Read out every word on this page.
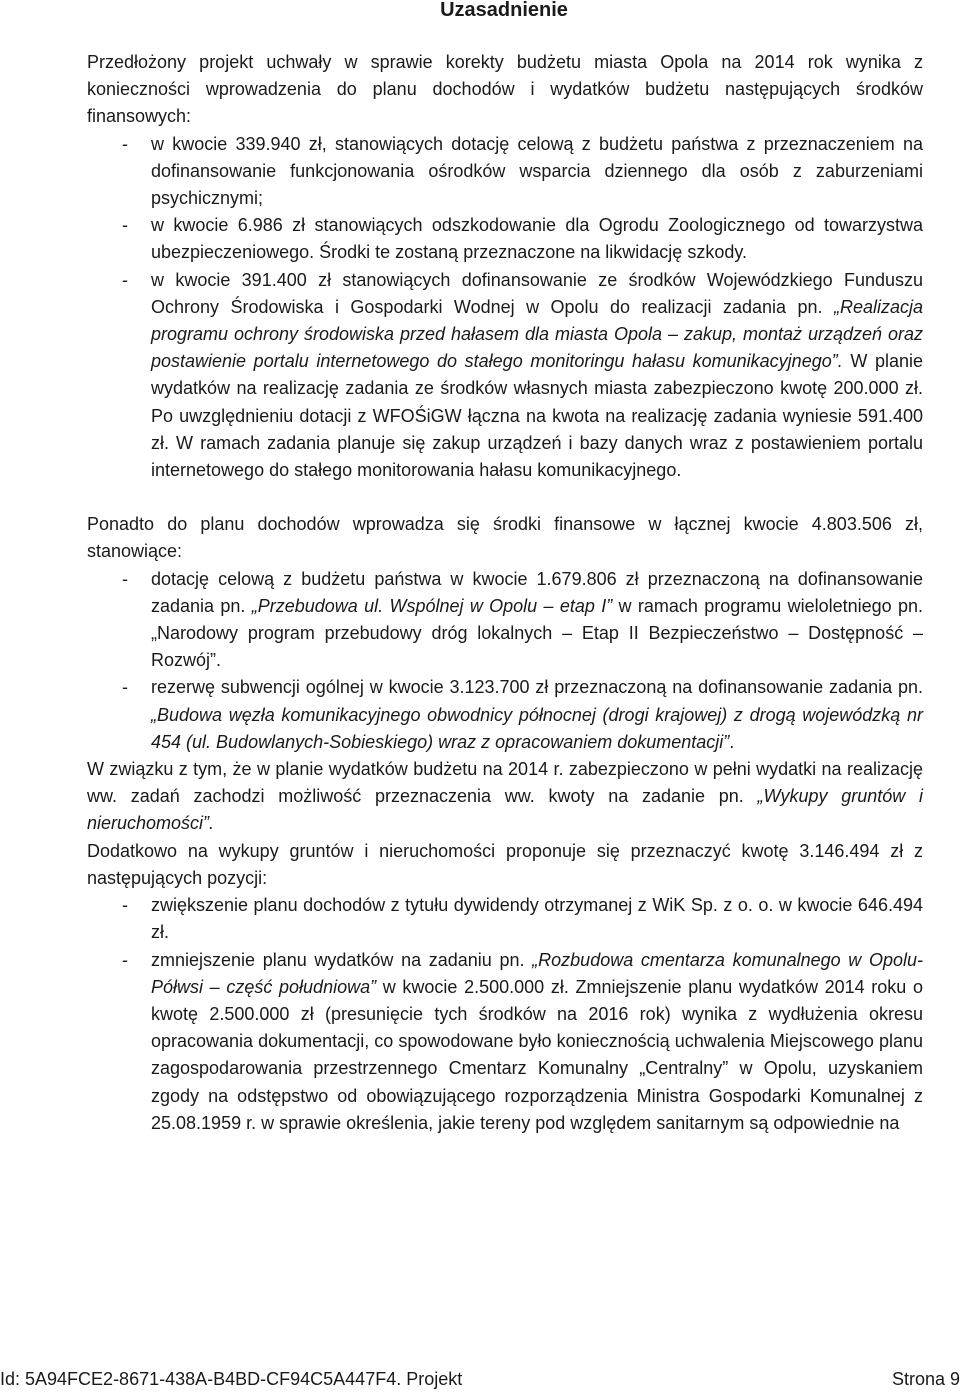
Uzasadnienie

Przedłożony projekt uchwały w sprawie korekty budżetu miasta Opola na 2014 rok wynika z konieczności wprowadzenia do planu dochodów i wydatków budżetu następujących środków finansowych:

- w kwocie 339.940 zł, stanowiących dotację celową z budżetu państwa z przeznaczeniem na dofinansowanie funkcjonowania ośrodków wsparcia dziennego dla osób z zaburzeniami psychicznymi;
- w kwocie 6.986 zł stanowiących odszkodowanie dla Ogrodu Zoologicznego od towarzystwa ubezpieczeniowego. Środki te zostaną przeznaczone na likwidację szkody.
- w kwocie 391.400 zł stanowiących dofinansowanie ze środków Wojewódzkiego Funduszu Ochrony Środowiska i Gospodarki Wodnej w Opolu do realizacji zadania pn. „Realizacja programu ochrony środowiska przed hałasem dla miasta Opola – zakup, montaż urządzeń oraz postawienie portalu internetowego do stałego monitoringu hałasu komunikacyjnego”. W planie wydatków na realizację zadania ze środków własnych miasta zabezpieczono kwotę 200.000 zł. Po uwzględnieniu dotacji z WFOŚiGW łączna na kwota na realizację zadania wyniesie 591.400 zł. W ramach zadania planuje się zakup urządzeń i bazy danych wraz z postawieniem portalu internetowego do stałego monitorowania hałasu komunikacyjnego.

Ponadto do planu dochodów wprowadza się środki finansowe w łącznej kwocie 4.803.506 zł, stanowiące:

- dotację celową z budżetu państwa w kwocie 1.679.806 zł przeznaczoną na dofinansowanie zadania pn. „Przebudowa ul. Wspólnej w Opolu – etap I” w ramach programu wieloletniego pn. „Narodowy program przebudowy dróg lokalnych – Etap II Bezpieczeństwo – Dostępność – Rozwój”.
- rezerwę subwencji ogólnej w kwocie 3.123.700 zł przeznaczoną na dofinansowanie zadania pn. „Budowa węzła komunikacyjnego obwodnicy północnej (drogi krajowej) z drogą wojewódzką nr 454 (ul. Budowlanych-Sobieskiego) wraz z opracowaniem dokumentacji”.

W związku z tym, że w planie wydatków budżetu na 2014 r. zabezpieczono w pełni wydatki na realizację ww. zadań zachodzi możliwość przeznaczenia ww. kwoty na zadanie pn. „Wykupy gruntów i nieruchomości”.

Dodatkowo na wykupy gruntów i nieruchomości proponuje się przeznaczyć kwotę 3.146.494 zł z następujących pozycji:

- zwiększenie planu dochodów z tytułu dywidendy otrzymanej z WiK Sp. z o. o. w kwocie 646.494 zł.
- zmniejszenie planu wydatków na zadaniu pn. „Rozbudowa cmentarza komunalnego w Opolu-Półwsi – część południowa” w kwocie 2.500.000 zł. Zmniejszenie planu wydatków 2014 roku o kwotę 2.500.000 zł (presunięcie tych środków na 2016 rok) wynika z wydłużenia okresu opracowania dokumentacji, co spowodowane było koniecznością uchwalenia Miejscowego planu zagospodarowania przestrzennego Cmentarz Komunalny „Centralny” w Opolu, uzyskaniem zgody na odstępstwo od obowiązującego rozporządzenia Ministra Gospodarki Komunalnej z 25.08.1959 r. w sprawie określenia, jakie tereny pod względem sanitarnym są odpowiednie na
Id: 5A94FCE2-8671-438A-B4BD-CF94C5A447F4. Projekt	Strona 9
